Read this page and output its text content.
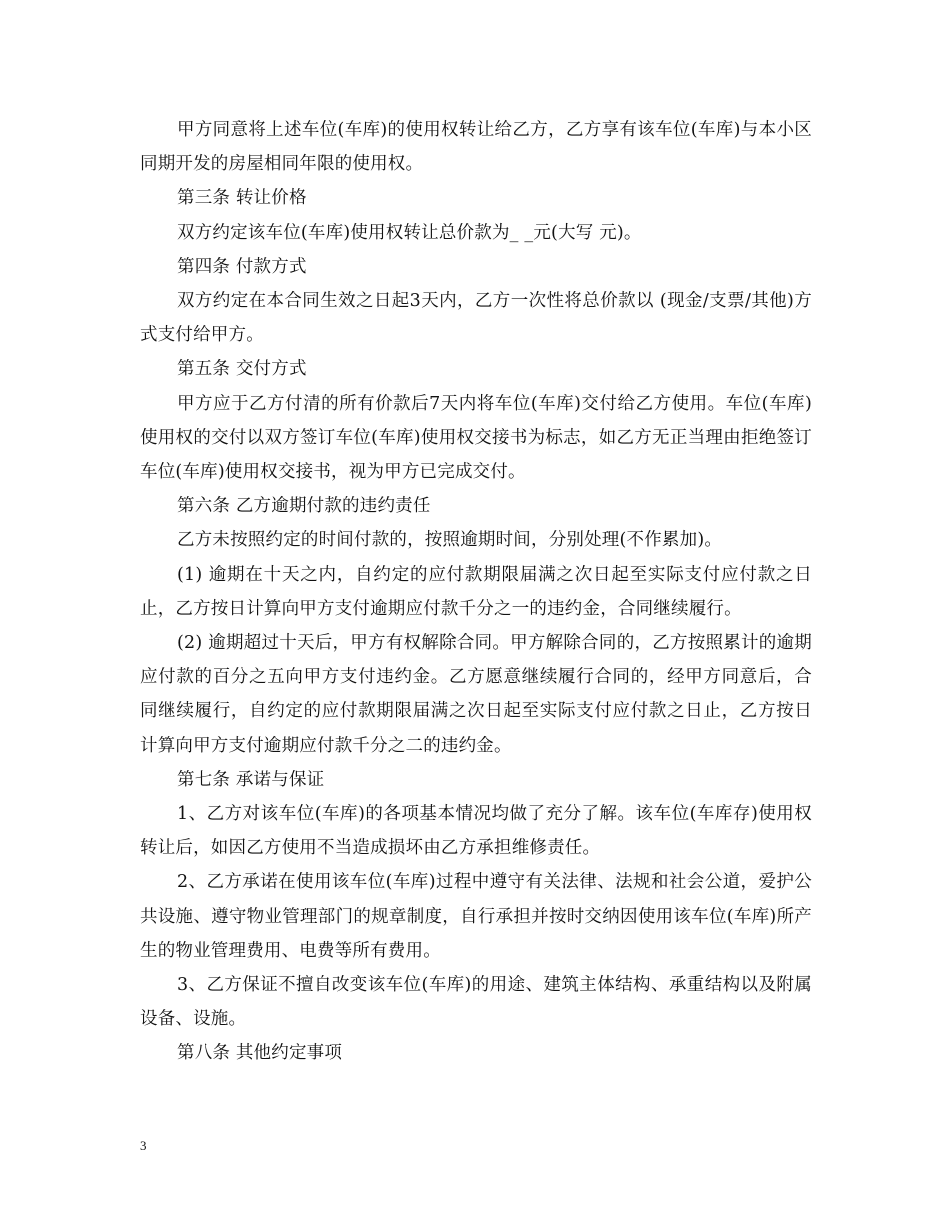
甲方同意将上述车位(车库)的使用权转让给乙方，乙方享有该车位(车库)与本小区同期开发的房屋相同年限的使用权。

第三条 转让价格

双方约定该车位(车库)使用权转让总价款为_ _元(大写 元)。

第四条 付款方式

双方约定在本合同生效之日起3天内，乙方一次性将总价款以 (现金/支票/其他)方式支付给甲方。

第五条 交付方式

甲方应于乙方付清的所有价款后7天内将车位(车库)交付给乙方使用。车位(车库)使用权的交付以双方签订车位(车库)使用权交接书为标志，如乙方无正当理由拒绝签订车位(车库)使用权交接书，视为甲方已完成交付。

第六条 乙方逾期付款的违约责任

乙方未按照约定的时间付款的，按照逾期时间，分别处理(不作累加)。

(1) 逾期在十天之内，自约定的应付款期限届满之次日起至实际支付应付款之日止，乙方按日计算向甲方支付逾期应付款千分之一的违约金，合同继续履行。

(2) 逾期超过十天后，甲方有权解除合同。甲方解除合同的，乙方按照累计的逾期应付款的百分之五向甲方支付违约金。乙方愿意继续履行合同的，经甲方同意后，合同继续履行，自约定的应付款期限届满之次日起至实际支付应付款之日止，乙方按日计算向甲方支付逾期应付款千分之二的违约金。

第七条 承诺与保证

1、乙方对该车位(车库)的各项基本情况均做了充分了解。该车位(车库存)使用权转让后，如因乙方使用不当造成损坏由乙方承担维修责任。

2、乙方承诺在使用该车位(车库)过程中遵守有关法律、法规和社会公道，爱护公共设施、遵守物业管理部门的规章制度，自行承担并按时交纳因使用该车位(车库)所产生的物业管理费用、电费等所有费用。

3、乙方保证不擅自改变该车位(车库)的用途、建筑主体结构、承重结构以及附属设备、设施。

第八条 其他约定事项

3
